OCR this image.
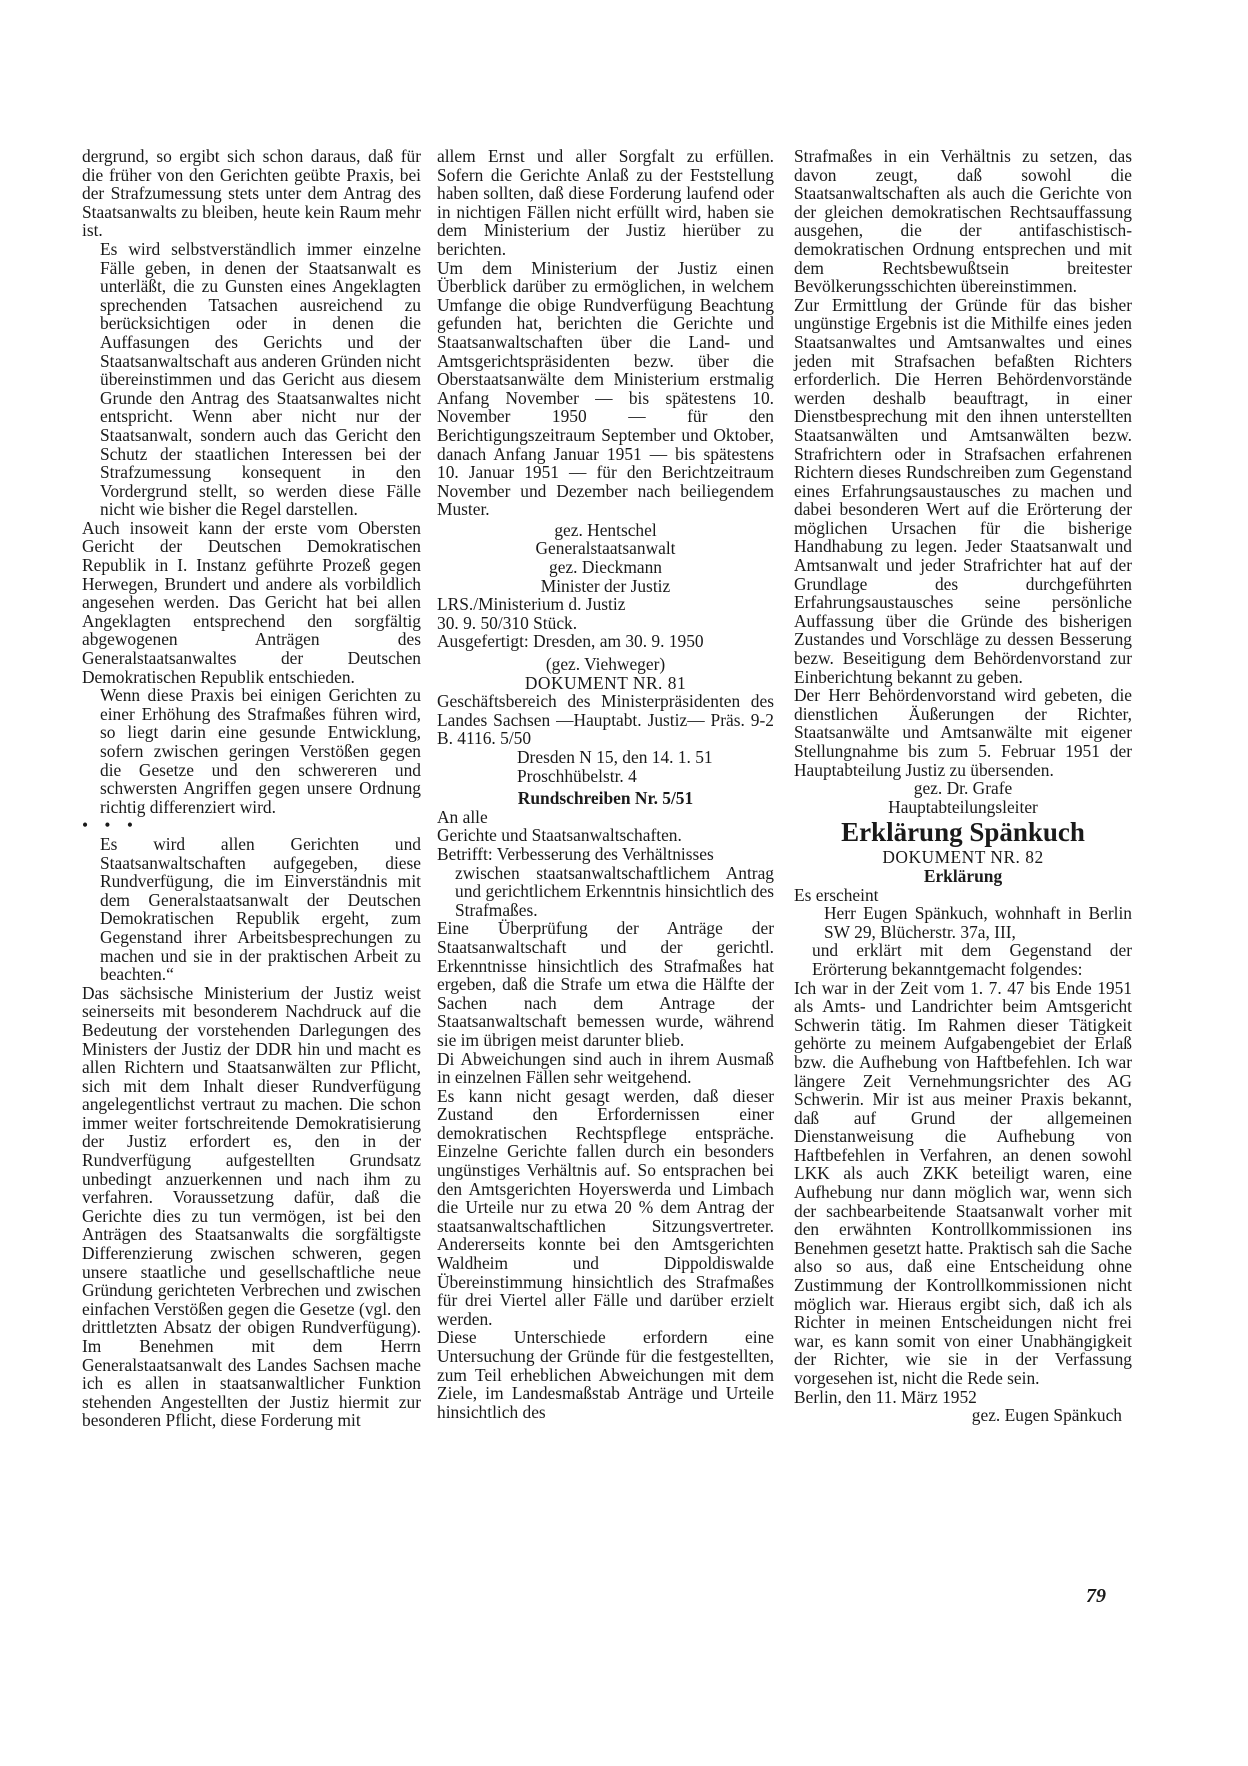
dergrund, so ergibt sich schon daraus, daß für die früher von den Gerichten geübte Praxis, bei der Strafzumessung stets unter dem Antrag des Staatsanwalts zu bleiben, heute kein Raum mehr ist.

Es wird selbstverständlich immer einzelne Fälle geben, in denen der Staatsanwalt es unterläßt, die zu Gunsten eines Angeklagten sprechenden Tatsachen ausreichend zu berücksichtigen oder in denen die Auffasungen des Gerichts und der Staatsanwaltschaft aus anderen Gründen nicht übereinstimmen und das Gericht aus diesem Grunde den Antrag des Staatsanwaltes nicht entspricht. Wenn aber nicht nur der Staatsanwalt, sondern auch das Gericht den Schutz der staatlichen Interessen bei der Strafzumessung konsequent in den Vordergrund stellt, so werden diese Fälle nicht wie bisher die Regel darstellen.

Auch insoweit kann der erste vom Obersten Gericht der Deutschen Demokratischen Republik in I. Instanz geführte Prozeß gegen Herwegen, Brundert und andere als vorbildlich angesehen werden. Das Gericht hat bei allen Angeklagten entsprechend den sorgfältig abgewogenen Anträgen des Generalstaatsanwaltes der Deutschen Demokratischen Republik entschieden.

Wenn diese Praxis bei einigen Gerichten zu einer Erhöhung des Strafmaßes führen wird, so liegt darin eine gesunde Entwicklung, sofern zwischen geringen Verstößen gegen die Gesetze und den schwereren und schwersten Angriffen gegen unsere Ordnung richtig differenziert wird.

• • •

Es wird allen Gerichten und Staatsanwaltschaften aufgegeben, diese Rundverfügung, die im Einverständnis mit dem Generalstaatsanwalt der Deutschen Demokratischen Republik ergeht, zum Gegenstand ihrer Arbeitsbesprechungen zu machen und sie in der praktischen Arbeit zu beachten.“

Das sächsische Ministerium der Justiz weist seinerseits mit besonderem Nachdruck auf die Bedeutung der vorstehenden Darlegungen des Ministers der Justiz der DDR hin und macht es allen Richtern und Staatsanwälten zur Pflicht, sich mit dem Inhalt dieser Rundverfügung angelegentlichst vertraut zu machen. Die schon immer weiter fortschreitende Demokratisierung der Justiz erfordert es, den in der Rundverfügung aufgestellten Grundsatz unbedingt anzuerkennen und nach ihm zu verfahren. Voraussetzung dafür, daß die Gerichte dies zu tun vermögen, ist bei den Anträgen des Staatsanwalts die sorgfältigste Differenzierung zwischen schweren, gegen unsere staatliche und gesellschaftliche neue Gründung gerichteten Verbrechen und zwischen einfachen Verstößen gegen die Gesetze (vgl. den drittletzten Absatz der obigen Rundverfügung). Im Benehmen mit dem Herrn Generalstaatsanwalt des Landes Sachsen mache ich es allen in staatsanwaltlicher Funktion stehenden Angestellten der Justiz hiermit zur besonderen Pflicht, diese Forderung mit

allem Ernst und aller Sorgfalt zu erfüllen. Sofern die Gerichte Anlaß zu der Feststellung haben sollten, daß diese Forderung laufend oder in nichtigen Fällen nicht erfüllt wird, haben sie dem Ministerium der Justiz hierüber zu berichten.

Um dem Ministerium der Justiz einen Überblick darüber zu ermöglichen, in welchem Umfange die obige Rundverfügung Beachtung gefunden hat, berichten die Gerichte und Staatsanwaltschaften über die Land- und Amtsgerichtspräsidenten bezw. über die Oberstaatsanwälte dem Ministerium erstmalig Anfang November — bis spätestens 10. November 1950 — für den Berichtigungszeitraum September und Oktober, danach Anfang Januar 1951 — bis spätestens 10. Januar 1951 — für den Berichtzeitraum November und Dezember nach beiliegendem Muster.

gez. Hentschel

Generalstaatsanwalt

gez. Dieckmann

Minister der Justiz

LRS./Ministerium d. Justiz

30. 9. 50/310 Stück.

Ausgefertigt: Dresden, am 30. 9. 1950

(gez. Viehweger)

DOKUMENT NR. 81

Geschäftsbereich des Ministerpräsidenten des Landes Sachsen —Hauptabt. Justiz— Präs. 9-2 B. 4116. 5/50

Dresden N 15, den 14. 1. 51

Proschhübelstr. 4

Rundschreiben Nr. 5/51

An alle

Gerichte und Staatsanwaltschaften.

Betrifft: Verbesserung des Verhältnisses

zwischen staatsanwaltschaftlichem Antrag und gerichtlichem Erkenntnis hinsichtlich des Strafmaßes.

Eine Überprüfung der Anträge der Staatsanwaltschaft und der gerichtl. Erkenntnisse hinsichtlich des Strafmaßes hat ergeben, daß die Strafe um etwa die Hälfte der Sachen nach dem Antrage der Staatsanwaltschaft bemessen wurde, während sie im übrigen meist darunter blieb.

Di Abweichungen sind auch in ihrem Ausmaß in einzelnen Fällen sehr weitgehend.

Es kann nicht gesagt werden, daß dieser Zustand den Erfordernissen einer demokratischen Rechtspflege entspräche. Einzelne Gerichte fallen durch ein besonders ungünstiges Verhältnis auf. So entsprachen bei den Amtsgerichten Hoyerswerda und Limbach die Urteile nur zu etwa 20 % dem Antrag der staatsanwaltschaftlichen Sitzungsvertreter. Andererseits konnte bei den Amtsgerichten Waldheim und Dippoldiswalde Übereinstimmung hinsichtlich des Strafmaßes für drei Viertel aller Fälle und darüber erzielt werden.

Diese Unterschiede erfordern eine Untersuchung der Gründe für die festgestellten, zum Teil erheblichen Abweichungen mit dem Ziele, im Landesmaßstab Anträge und Urteile hinsichtlich des

Strafmaßes in ein Verhältnis zu setzen, das davon zeugt, daß sowohl die Staatsanwaltschaften als auch die Gerichte von der gleichen demokratischen Rechtsauffassung ausgehen, die der antifaschistisch-demokratischen Ordnung entsprechen und mit dem Rechtsbewußtsein breitester Bevölkerungsschichten übereinstimmen.

Zur Ermittlung der Gründe für das bisher ungünstige Ergebnis ist die Mithilfe eines jeden Staatsanwaltes und Amtsanwaltes und eines jeden mit Strafsachen befaßten Richters erforderlich. Die Herren Behördenvorstände werden deshalb beauftragt, in einer Dienstbesprechung mit den ihnen unterstellten Staatsanwälten und Amtsanwälten bezw. Strafrichtern oder in Strafsachen erfahrenen Richtern dieses Rundschreiben zum Gegenstand eines Erfahrungsaustausches zu machen und dabei besonderen Wert auf die Erörterung der möglichen Ursachen für die bisherige Handhabung zu legen. Jeder Staatsanwalt und Amtsanwalt und jeder Strafrichter hat auf der Grundlage des durchgeführten Erfahrungsaustausches seine persönliche Auffassung über die Gründe des bisherigen Zustandes und Vorschläge zu dessen Besserung bezw. Beseitigung dem Behördenvorstand zur Einberichtung bekannt zu geben.

Der Herr Behördenvorstand wird gebeten, die dienstlichen Äußerungen der Richter, Staatsanwälte und Amtsanwälte mit eigener Stellungnahme bis zum 5. Februar 1951 der Hauptabteilung Justiz zu übersenden.

gez. Dr. Grafe

Hauptabteilungsleiter

Erklärung Spänkuch

DOKUMENT NR. 82

Erklärung

Es erscheint

Herr Eugen Spänkuch, wohnhaft in Berlin SW 29, Blücherstr. 37a, III,

und erklärt mit dem Gegenstand der Erörterung bekanntgemacht folgendes:

Ich war in der Zeit vom 1. 7. 47 bis Ende 1951 als Amts- und Landrichter beim Amtsgericht Schwerin tätig. Im Rahmen dieser Tätigkeit gehörte zu meinem Aufgabengebiet der Erlaß bzw. die Aufhebung von Haftbefehlen. Ich war längere Zeit Vernehmungsrichter des AG Schwerin. Mir ist aus meiner Praxis bekannt, daß auf Grund der allgemeinen Dienstanweisung die Aufhebung von Haftbefehlen in Verfahren, an denen sowohl LKK als auch ZKK beteiligt waren, eine Aufhebung nur dann möglich war, wenn sich der sachbearbeitende Staatsanwalt vorher mit den erwähnten Kontrollkommissionen ins Benehmen gesetzt hatte. Praktisch sah die Sache also so aus, daß eine Entscheidung ohne Zustimmung der Kontrollkommissionen nicht möglich war. Hieraus ergibt sich, daß ich als Richter in meinen Entscheidungen nicht frei war, es kann somit von einer Unabhängigkeit der Richter, wie sie in der Verfassung vorgesehen ist, nicht die Rede sein.

Berlin, den 11. März 1952

gez. Eugen Spänkuch

79
